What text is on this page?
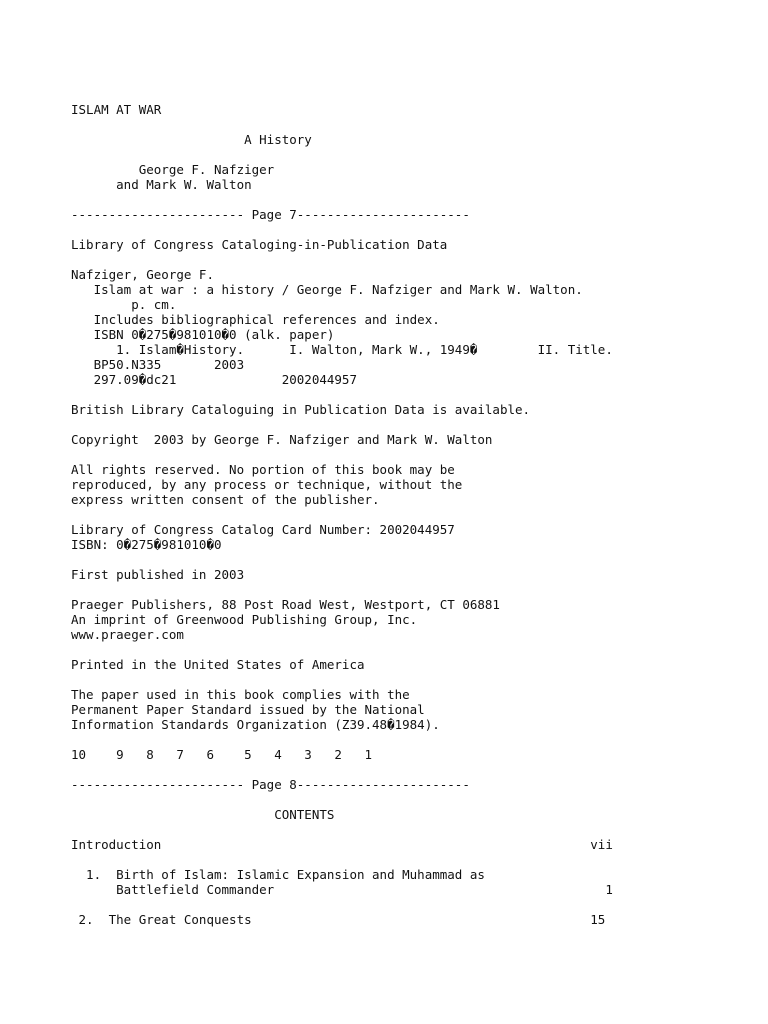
ISLAM AT WAR
A History
George F. Nafziger
and Mark W. Walton
----------------------- Page 7-----------------------
Library of Congress Cataloging-in-Publication Data
Nafziger, George F.
Islam at war : a history / George F. Nafziger and Mark W. Walton.
p. cm.
Includes bibliographical references and index.
ISBN 0�275�981010�0 (alk. paper)
1. Islam�History.      I. Walton, Mark W., 1949�        II. Title.
BP50.N335       2003
297.09�dc21              2002044957
British Library Cataloguing in Publication Data is available.
Copyright  2003 by George F. Nafziger and Mark W. Walton
All rights reserved. No portion of this book may be
reproduced, by any process or technique, without the
express written consent of the publisher.
Library of Congress Catalog Card Number: 2002044957
ISBN: 0�275�981010�0
First published in 2003
Praeger Publishers, 88 Post Road West, Westport, CT 06881
An imprint of Greenwood Publishing Group, Inc.
www.praeger.com
Printed in the United States of America
The paper used in this book complies with the
Permanent Paper Standard issued by the National
Information Standards Organization (Z39.48�1984).
10    9   8   7   6    5   4   3   2   1
----------------------- Page 8-----------------------
CONTENTS
Introduction                                                         vii
1.  Birth of Islam: Islamic Expansion and Muhammad as
Battlefield Commander                                            1
2.  The Great Conquests                                             15
